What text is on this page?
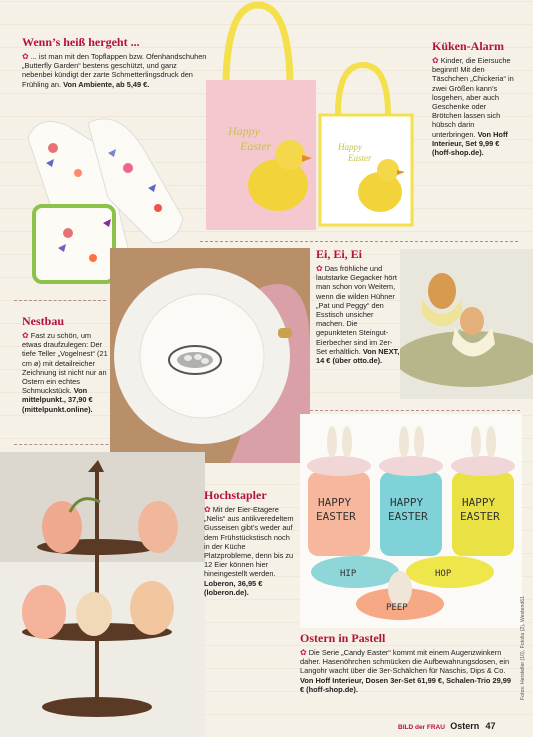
Wenn’s heiß hergeht ...
✿ ... ist man mit den Topflappen bzw. Ofenhandschuhen „Butterfly Garden“ bestens geschützt, und ganz nebenbei kündigt der zarte Schmetterlingsdruck den Frühling an. Von Ambiente, ab 5,49 €.
Happy
Easter	Happy
Easter
Küken-Alarm
✿ Kinder, die Eiersuche beginnt! Mit den Täschchen „Chickeria“ in zwei Größen kann’s losgehen, aber auch Geschenke oder Brötchen lassen sich hübsch darin unterbringen. Von Hoff Interieur, Set 9,99 € (hoff-shop.de).
Nestbau
✿ Fast zu schön, um etwas draufzulegen: Der tiefe Teller „Vogelnest“ (21 cm ø) mit detailreicher Zeichnung ist nicht nur an Ostern ein echtes Schmuckstück. Von mittelpunkt., 37,90 € (mittelpunkt.online).
Ei, Ei, Ei
✿ Das fröhliche und lautstarke Gegacker hört man schon von Weitem, wenn die wilden Hühner „Pat und Peggy“ den Esstisch unsicher machen. Die gepunkteten Steingut-Eierbecher sind im 2er-Set erhältlich. Von NEXT, 14 € (über otto.de).
Hochstapler
✿ Mit der Eier-Etagere „Nelis“ aus antikveredeltem Gusseisen gibt’s weder auf dem Frühstückstisch noch in der Küche Platzprobleme, denn bis zu 12 Eier können hier hineingestellt werden. Loberon, 36,95 € (loberon.de).
HAPPY
EASTER
HAPPY
EASTER
HAPPY
EASTER
HIP	HOP
PEEP
Ostern in Pastell
✿ Die Serie „Candy Easter“ kommt mit einem Augenzwinkern daher. Hasenöhrchen schmücken die Aufbewahrungsdosen, ein Langohr wacht über die 3er-Schälchen für Naschis, Dips & Co. Von Hoff Interieur, Dosen 3er-Set 61,99 €, Schalen-Trio 29,99 € (hoff-shop.de).	Fotos: Hersteller (10), Fotolia (2), Westend61
BILD der FRAU Ostern 47
